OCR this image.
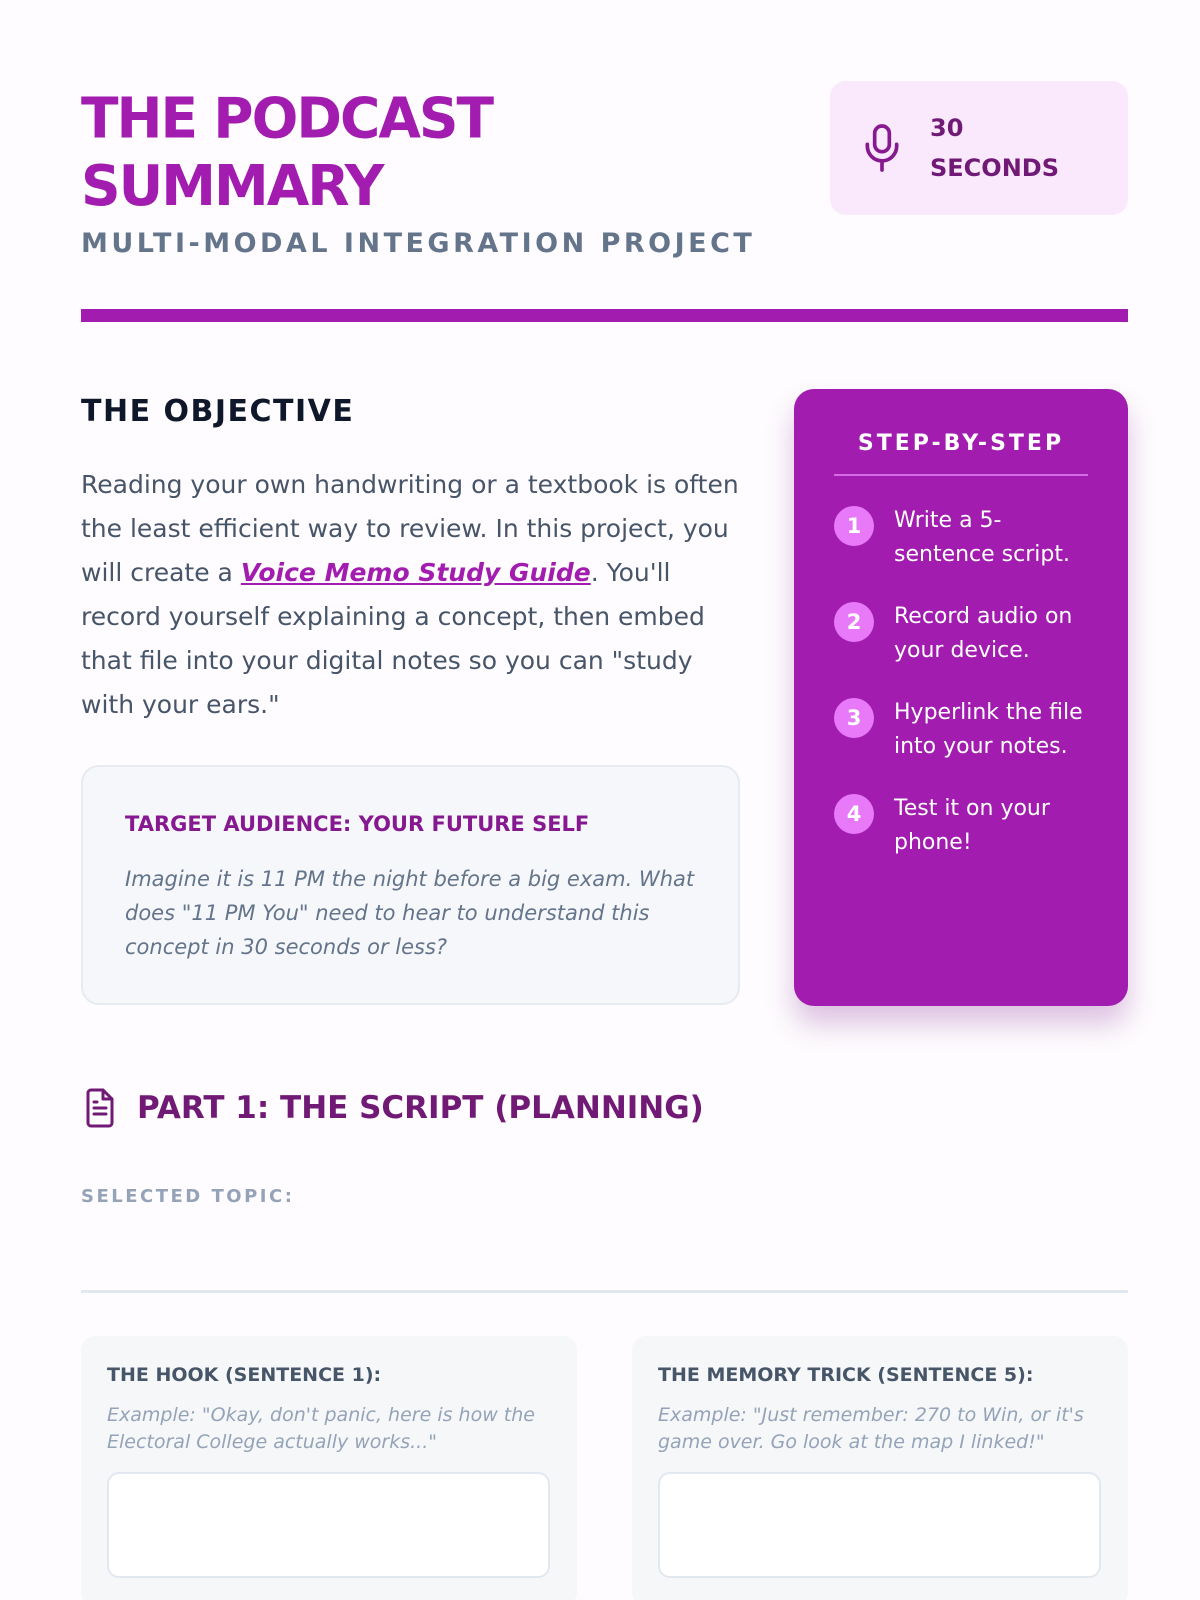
THE PODCAST SUMMARY
MULTI-MODAL INTEGRATION PROJECT
30 SECONDS
THE OBJECTIVE

Reading your own handwriting or a textbook is often the least efficient way to review. In this project, you will create a Voice Memo Study Guide. You'll record yourself explaining a concept, then embed that file into your digital notes so you can "study with your ears."

TARGET AUDIENCE: YOUR FUTURE SELF

Imagine it is 11 PM the night before a big exam. What does "11 PM You" need to hear to understand this concept in 30 seconds or less?

STEP-BY-STEP
1	Write a 5-sentence script.
2	Record audio on your device.
3	Hyperlink the file into your notes.
4	Test it on your phone!
PART 1: THE SCRIPT (PLANNING)
SELECTED TOPIC:
THE HOOK (SENTENCE 1):

Example: "Okay, don't panic, here is how the Electoral College actually works..."

THE MEMORY TRICK (SENTENCE 5):

Example: "Just remember: 270 to Win, or it's game over. Go look at the map I linked!"
